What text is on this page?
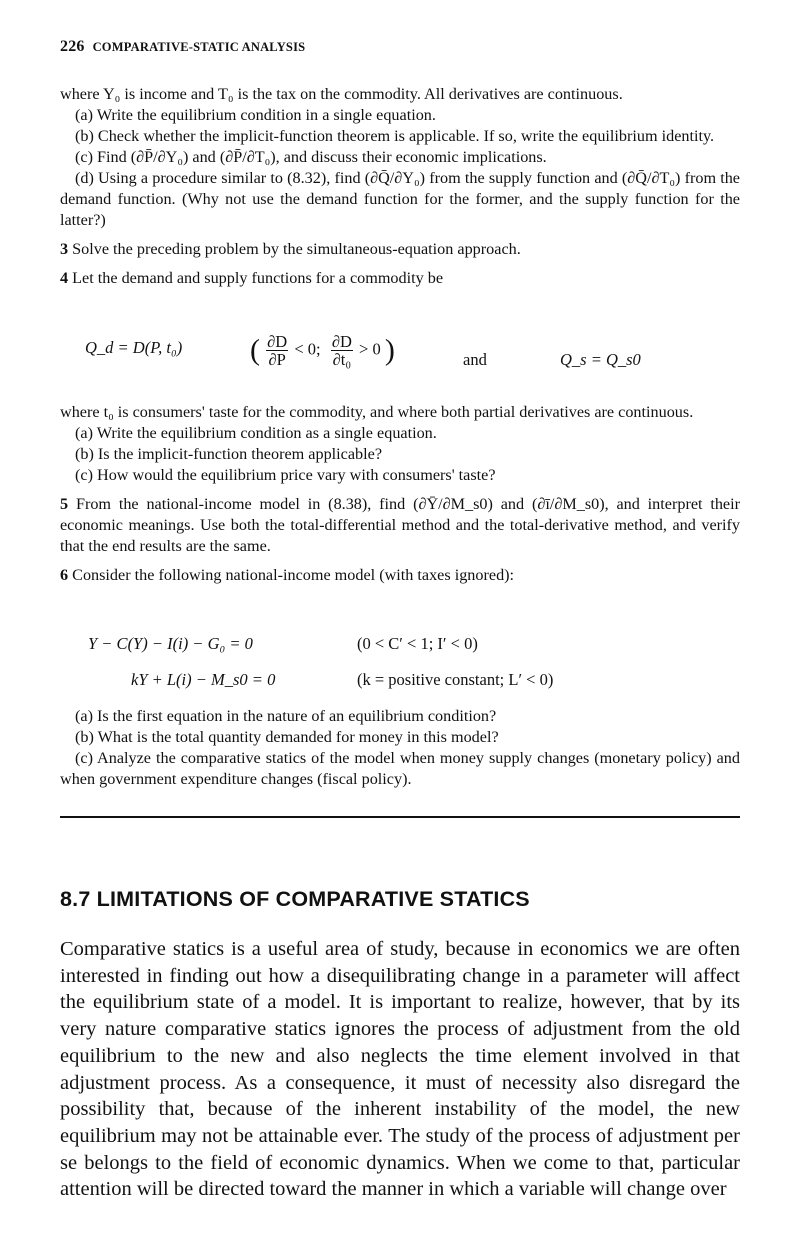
226 COMPARATIVE-STATIC ANALYSIS

where Y₀ is income and T₀ is the tax on the commodity. All derivatives are continuous.

(a) Write the equilibrium condition in a single equation.

(b) Check whether the implicit-function theorem is applicable. If so, write the equilibrium identity.

(c) Find (∂P̄/∂Y₀) and (∂P̄/∂T₀), and discuss their economic implications.

(d) Using a procedure similar to (8.32), find (∂Q̄/∂Y₀) from the supply function and (∂Q̄/∂T₀) from the demand function. (Why not use the demand function for the former, and the supply function for the latter?)

3 Solve the preceding problem by the simultaneous-equation approach.

4 Let the demand and supply functions for a commodity be

Q_d = D(P, t₀) ( $\frac{\partial D}{\partial P} < 0$; $\frac{\partial D}{\text{∂t₀}} > 0$ )	and	Q_s = Q_s0

where t₀ is consumers' taste for the commodity, and where both partial derivatives are continuous.

(a) Write the equilibrium condition as a single equation.

(b) Is the implicit-function theorem applicable?

(c) How would the equilibrium price vary with consumers' taste?

5 From the national-income model in (8.38), find (∂Ȳ/∂M_s0) and (∂ī/∂M_s0), and interpret their economic meanings. Use both the total-differential method and the total-derivative method, and verify that the end results are the same.

6 Consider the following national-income model (with taxes ignored):

Y − C(Y) − I(i) − G₀ = 0	(0 < C′ < 1; I′ < 0)
kY + L(i) − M_s0 = 0	(k = positive constant; L′ < 0)

(a) Is the first equation in the nature of an equilibrium condition?

(b) What is the total quantity demanded for money in this model?

(c) Analyze the comparative statics of the model when money supply changes (monetary policy) and when government expenditure changes (fiscal policy).

8.7 LIMITATIONS OF COMPARATIVE STATICS
Comparative statics is a useful area of study, because in economics we are often interested in finding out how a disequilibrating change in a parameter will affect the equilibrium state of a model. It is important to realize, however, that by its very nature comparative statics ignores the process of adjustment from the old equilibrium to the new and also neglects the time element involved in that adjustment process. As a consequence, it must of necessity also disregard the possibility that, because of the inherent instability of the model, the new equilibrium may not be attainable ever. The study of the process of adjustment per se belongs to the field of economic dynamics. When we come to that, particular attention will be directed toward the manner in which a variable will change over
